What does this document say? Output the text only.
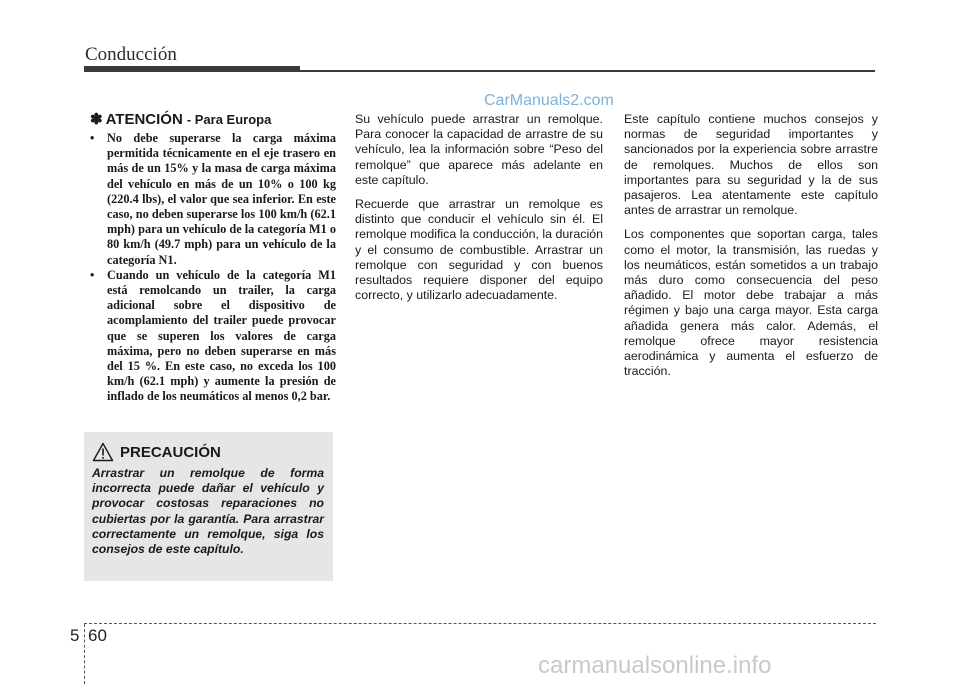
Conducción
CarManuals2.com
✽ ATENCIÓN - Para Europa
• No debe superarse la carga máxima permitida técnicamente en el eje trasero en más de un 15% y la masa de carga máxima del vehículo en más de un 10% o 100 kg (220.4 lbs), el valor que sea inferior. En este caso, no deben superarse los 100 km/h (62.1 mph) para un vehículo de la categoría M1 o 80 km/h (49.7 mph) para un vehículo de la categoría N1.
• Cuando un vehículo de la categoría M1 está remolcando un trailer, la carga adicional sobre el dispositivo de acomplamiento del trailer puede provocar que se superen los valores de carga máxima, pero no deben superarse en más del 15 %. En este caso, no exceda los 100 km/h (62.1 mph) y aumente la presión de inflado de los neumáticos al menos 0,2 bar.
PRECAUCIÓN

Arrastrar un remolque de forma incorrecta puede dañar el vehículo y provocar costosas reparaciones no cubiertas por la garantía. Para arrastrar correctamente un remolque, siga los consejos de este capítulo.

Su vehículo puede arrastrar un remolque. Para conocer la capacidad de arrastre de su vehículo, lea la información sobre “Peso del remolque” que aparece más adelante en este capítulo.

Recuerde que arrastrar un remolque es distinto que conducir el vehículo sin él. El remolque modifica la conducción, la duración y el consumo de combustible. Arrastrar un remolque con seguridad y con buenos resultados requiere disponer del equipo correcto, y utilizarlo adecuadamente.

Este capítulo contiene muchos consejos y normas de seguridad importantes y sancionados por la experiencia sobre arrastre de remolques. Muchos de ellos son importantes para su seguridad y la de sus pasajeros. Lea atentamente este capítulo antes de arrastrar un remolque.

Los componentes que soportan carga, tales como el motor, la transmisión, las ruedas y los neumáticos, están sometidos a un trabajo más duro como consecuencia del peso añadido. El motor debe trabajar a más régimen y bajo una carga mayor. Esta carga añadida genera más calor. Además, el remolque ofrece mayor resistencia aerodinámica y aumenta el esfuerzo de tracción.

5 60
carmanualsonline.info
